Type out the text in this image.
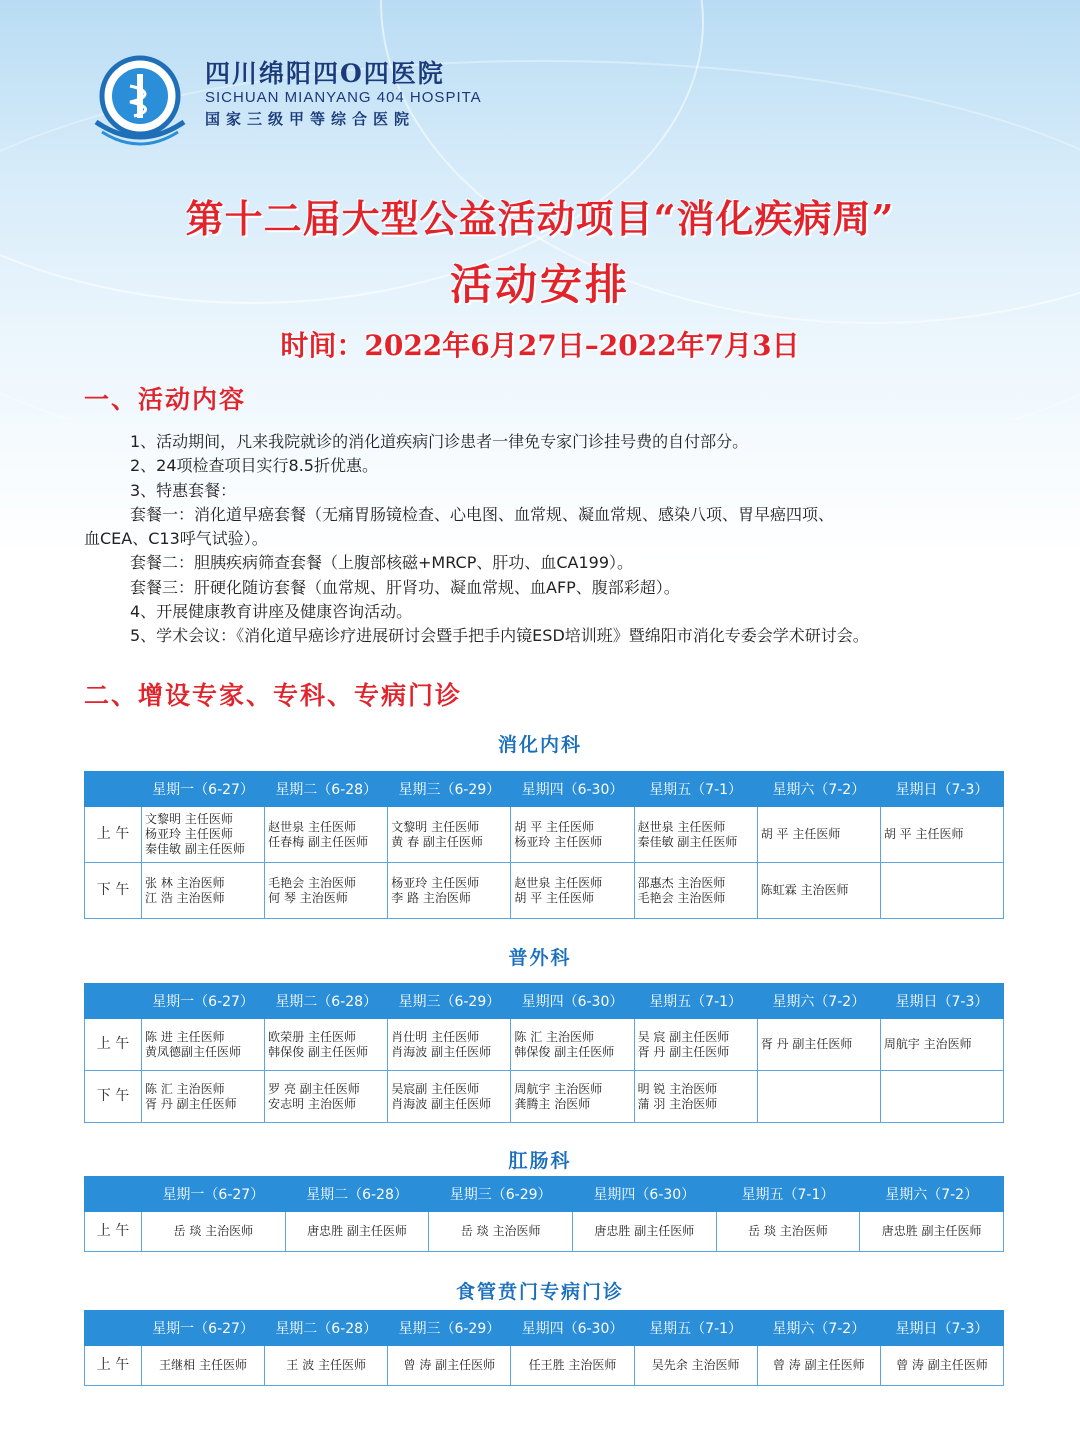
四川绵阳四O四医院
SICHUAN MIANYANG 404 HOSPITA
国家三级甲等综合医院
第十二届大型公益活动项目“消化疾病周”
活动安排
时间：2022年6月27日–2022年7月3日
一、活动内容

1、活动期间，凡来我院就诊的消化道疾病门诊患者一律免专家门诊挂号费的自付部分。

2、24项检查项目实行8.5折优惠。

3、特惠套餐：

套餐一：消化道早癌套餐（无痛胃肠镜检查、心电图、血常规、凝血常规、感染八项、胃早癌四项、

血CEA、C13呼气试验）。

套餐二：胆胰疾病筛查套餐（上腹部核磁+MRCP、肝功、血CA199）。

套餐三：肝硬化随访套餐（血常规、肝肾功、凝血常规、血AFP、腹部彩超）。

4、开展健康教育讲座及健康咨询活动。

5、学术会议：《消化道早癌诊疗进展研讨会暨手把手内镜ESD培训班》暨绵阳市消化专委会学术研讨会。

二、增设专家、专科、专病门诊
消化内科
	星期一（6-27）	星期二（6-28）	星期三（6-29）	星期四（6-30）	星期五（7-1）	星期六（7-2）	星期日（7-3）
上 午	文黎明 主任医师
杨亚玲 主任医师
秦佳敏 副主任医师	赵世泉 主任医师
任春梅 副主任医师	文黎明 主任医师
黄 春 副主任医师	胡 平 主任医师
杨亚玲 主任医师	赵世泉 主任医师
秦佳敏 副主任医师	胡 平 主任医师	胡 平 主任医师

下 午	张 林 主治医师
江 浩 主治医师	毛艳会 主治医师
何 琴 主治医师	杨亚玲 主任医师
李 路 主治医师	赵世泉 主任医师
胡 平 主任医师	邵惠杰 主治医师
毛艳会 主治医师	陈虹霖 主治医师	

普外科
	星期一（6-27）	星期二（6-28）	星期三（6-29）	星期四（6-30）	星期五（7-1）	星期六（7-2）	星期日（7-3）
上 午	陈 进 主任医师
黄凤德副主任医师	欧荣册 主任医师
韩保俊 副主任医师	肖仕明 主任医师
肖海波 副主任医师	陈 汇 主治医师
韩保俊 副主任医师	吴 宸 副主任医师
胥 丹 副主任医师	胥 丹 副主任医师	周航宇 主治医师

下 午	陈 汇 主治医师
胥 丹 副主任医师	罗 亮 副主任医师
安志明 主治医师	吴宸副 主任医师
肖海波 副主任医师	周航宇 主治医师
龚腾主 治医师	明 锐 主治医师
蒲 羽 主治医师		

肛肠科
	星期一（6-27）	星期二（6-28）	星期三（6-29）	星期四（6-30）	星期五（7-1）	星期六（7-2）
上 午	岳 琰 主治医师	唐忠胜 副主任医师	岳 琰 主治医师	唐忠胜 副主任医师	岳 琰 主治医师	唐忠胜 副主任医师
食管贲门专病门诊
	星期一（6-27）	星期二（6-28）	星期三（6-29）	星期四（6-30）	星期五（7-1）	星期六（7-2）	星期日（7-3）
上 午	王继相 主任医师	王 波 主任医师	曾 涛 副主任医师	任王胜 主治医师	吴先余 主治医师	曾 涛 副主任医师	曾 涛 副主任医师
